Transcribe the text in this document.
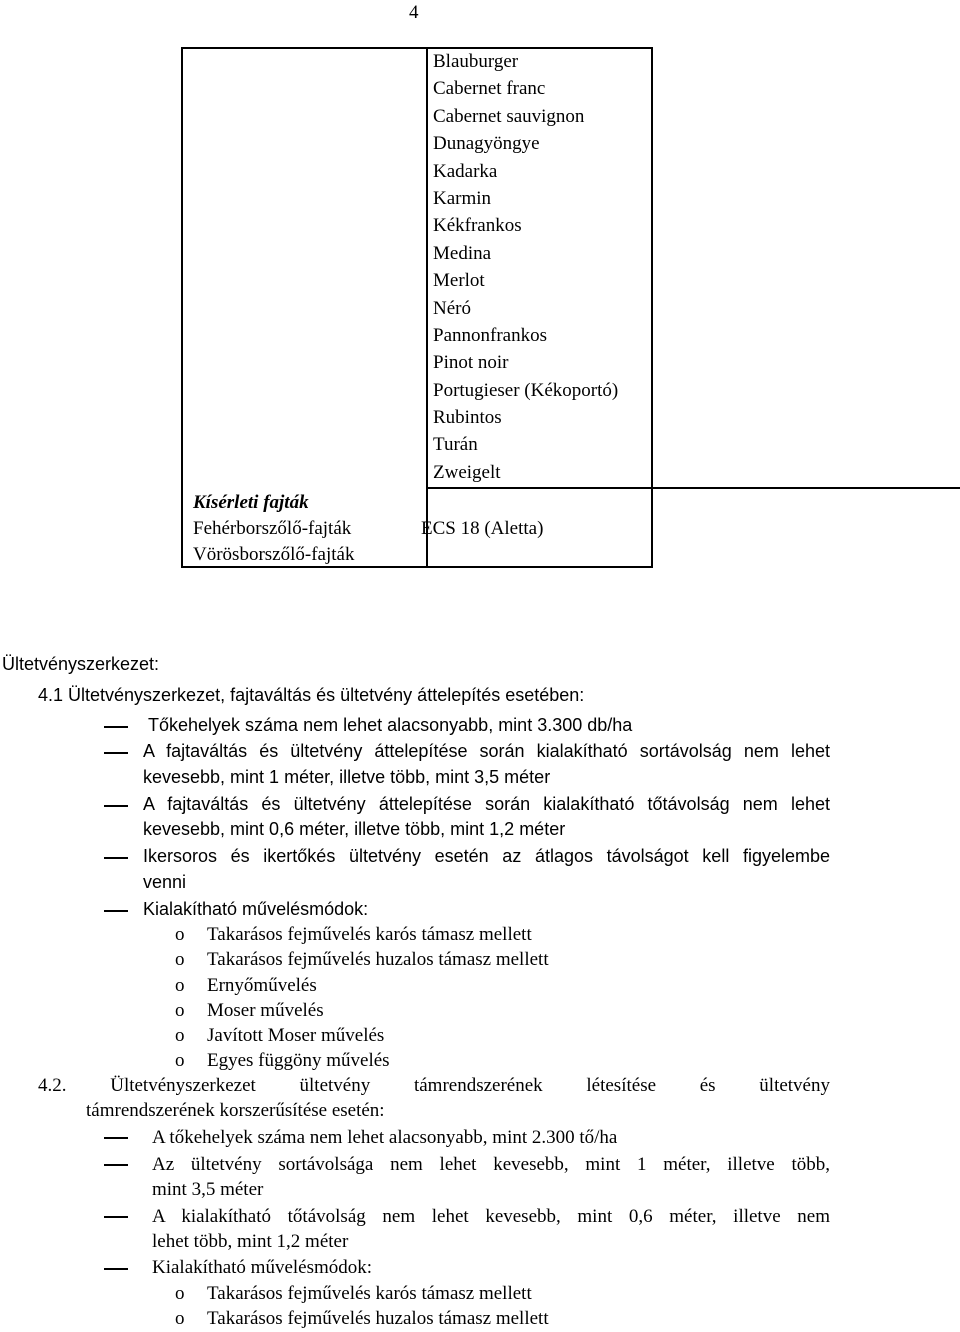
4
Blauburger
Cabernet franc
Cabernet sauvignon
Dunagyöngye
Kadarka
Karmin
Kékfrankos
Medina
Merlot
Néró
Pannonfrankos
Pinot noir
Portugieser (Kékoportó)
Rubintos
Turán
Zweigelt
Kísérleti fajták
Fehérborszőlő-fajták
Vörösborszőlő-fajták
ECS 18 (Aletta)
Ültetvényszerkezet:
4.1 Ültetvényszerkezet, fajtaváltás és ültetvény áttelepítés esetében:
Tőkehelyek száma nem lehet alacsonyabb, mint 3.300 db/ha
A fajtaváltás és ültetvény áttelepítése során kialakítható sortávolság nem lehet
kevesebb, mint 1 méter, illetve több, mint 3,5 méter
A fajtaváltás és ültetvény áttelepítése során kialakítható tőtávolság nem lehet
kevesebb, mint 0,6 méter, illetve több, mint 1,2 méter
Ikersoros és ikertőkés ültetvény esetén az átlagos távolságot kell figyelembe
venni
Kialakítható művelésmódok:
o Takarásos fejművelés karós támasz mellett
o Takarásos fejművelés huzalos támasz mellett
o Ernyőművelés
o Moser művelés
o Javított Moser művelés
o Egyes függöny művelés
4.2. Ültetvényszerkezet ültetvény támrendszerének létesítése és ültetvény
támrendszerének korszerűsítése esetén:
A tőkehelyek száma nem lehet alacsonyabb, mint 2.300 tő/ha
Az ültetvény sortávolsága nem lehet kevesebb, mint 1 méter, illetve több,
mint 3,5 méter
A kialakítható tőtávolság nem lehet kevesebb, mint 0,6 méter, illetve nem
lehet több, mint 1,2 méter
Kialakítható művelésmódok:
o Takarásos fejművelés karós támasz mellett
o Takarásos fejművelés huzalos támasz mellett
